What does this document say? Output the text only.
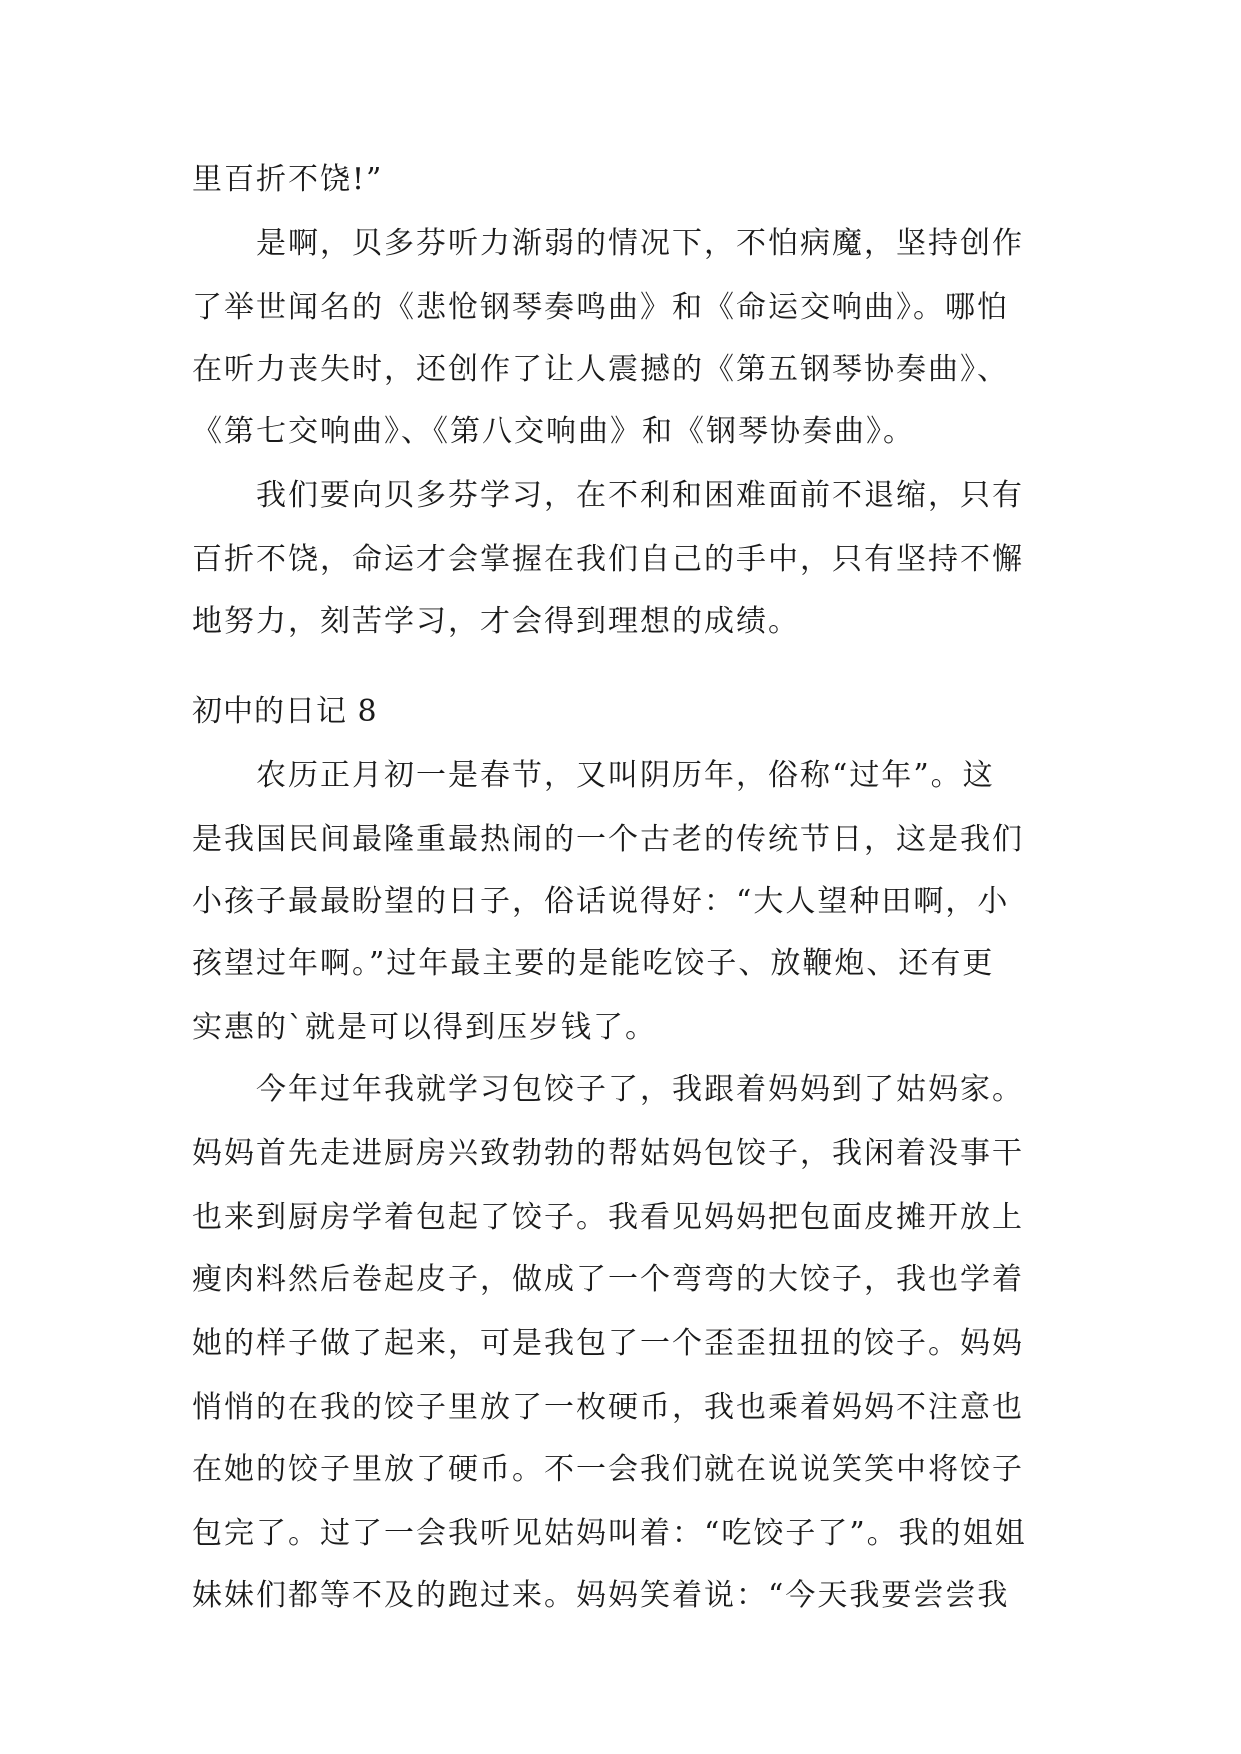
里百折不饶!”
是啊，贝多芬听力渐弱的情况下，不怕病魔，坚持创作
了举世闻名的《悲怆钢琴奏鸣曲》和《命运交响曲》。哪怕
在听力丧失时，还创作了让人震撼的《第五钢琴协奏曲》、
《第七交响曲》、《第八交响曲》和《钢琴协奏曲》。
我们要向贝多芬学习，在不利和困难面前不退缩，只有
百折不饶，命运才会掌握在我们自己的手中，只有坚持不懈
地努力，刻苦学习，才会得到理想的成绩。
初中的日记 8
农历正月初一是春节，又叫阴历年，俗称“过年”。这
是我国民间最隆重最热闹的一个古老的传统节日，这是我们
小孩子最最盼望的日子，俗话说得好：“大人望种田啊，小
孩望过年啊。”过年最主要的是能吃饺子、放鞭炮、还有更
实惠的`就是可以得到压岁钱了。
今年过年我就学习包饺子了，我跟着妈妈到了姑妈家。
妈妈首先走进厨房兴致勃勃的帮姑妈包饺子，我闲着没事干
也来到厨房学着包起了饺子。我看见妈妈把包面皮摊开放上
瘦肉料然后卷起皮子，做成了一个弯弯的大饺子，我也学着
她的样子做了起来，可是我包了一个歪歪扭扭的饺子。妈妈
悄悄的在我的饺子里放了一枚硬币，我也乘着妈妈不注意也
在她的饺子里放了硬币。不一会我们就在说说笑笑中将饺子
包完了。过了一会我听见姑妈叫着：“吃饺子了”。我的姐姐
妹妹们都等不及的跑过来。妈妈笑着说：“今天我要尝尝我
